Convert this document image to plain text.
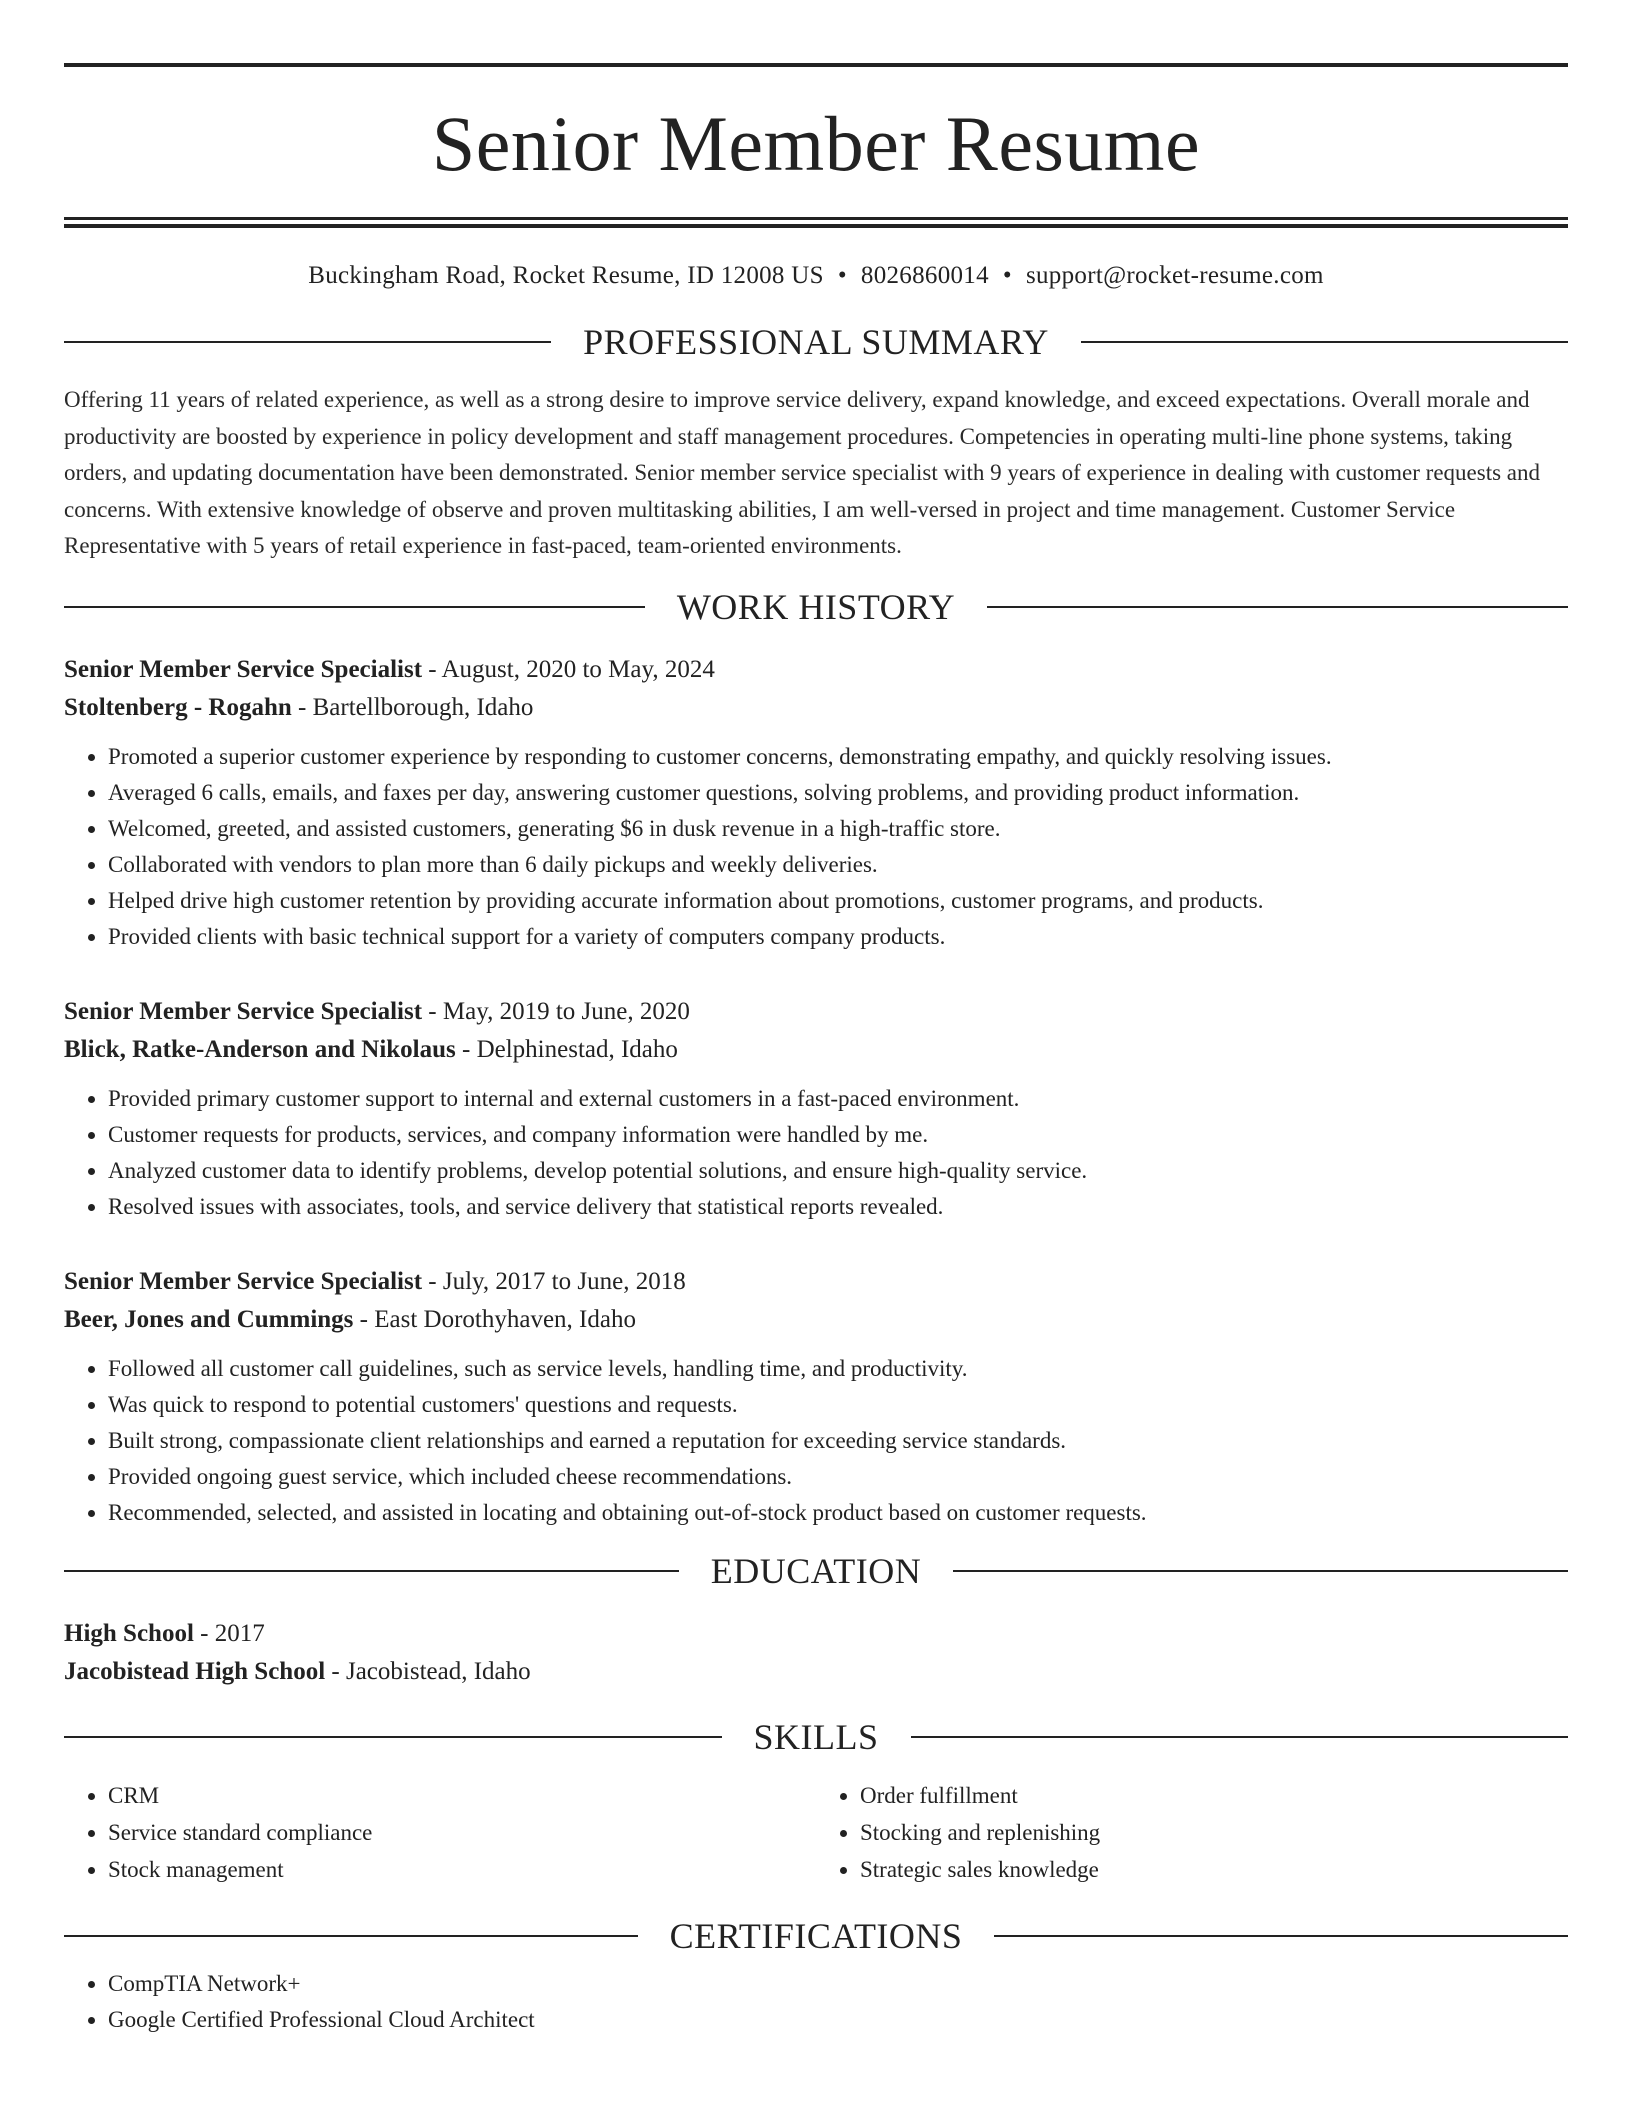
Senior Member Resume
Buckingham Road, Rocket Resume, ID 12008 US • 8026860014 • support@rocket-resume.com
PROFESSIONAL SUMMARY
Offering 11 years of related experience, as well as a strong desire to improve service delivery, expand knowledge, and exceed expectations. Overall morale and productivity are boosted by experience in policy development and staff management procedures. Competencies in operating multi-line phone systems, taking orders, and updating documentation have been demonstrated. Senior member service specialist with 9 years of experience in dealing with customer requests and concerns. With extensive knowledge of observe and proven multitasking abilities, I am well-versed in project and time management. Customer Service Representative with 5 years of retail experience in fast-paced, team-oriented environments.
WORK HISTORY
Senior Member Service Specialist - August, 2020 to May, 2024
Stoltenberg - Rogahn - Bartellborough, Idaho
• Promoted a superior customer experience by responding to customer concerns, demonstrating empathy, and quickly resolving issues.
• Averaged 6 calls, emails, and faxes per day, answering customer questions, solving problems, and providing product information.
• Welcomed, greeted, and assisted customers, generating $6 in dusk revenue in a high-traffic store.
• Collaborated with vendors to plan more than 6 daily pickups and weekly deliveries.
• Helped drive high customer retention by providing accurate information about promotions, customer programs, and products.
• Provided clients with basic technical support for a variety of computers company products.
Senior Member Service Specialist - May, 2019 to June, 2020
Blick, Ratke-Anderson and Nikolaus - Delphinestad, Idaho
• Provided primary customer support to internal and external customers in a fast-paced environment.
• Customer requests for products, services, and company information were handled by me.
• Analyzed customer data to identify problems, develop potential solutions, and ensure high-quality service.
• Resolved issues with associates, tools, and service delivery that statistical reports revealed.
Senior Member Service Specialist - July, 2017 to June, 2018
Beer, Jones and Cummings - East Dorothyhaven, Idaho
• Followed all customer call guidelines, such as service levels, handling time, and productivity.
• Was quick to respond to potential customers' questions and requests.
• Built strong, compassionate client relationships and earned a reputation for exceeding service standards.
• Provided ongoing guest service, which included cheese recommendations.
• Recommended, selected, and assisted in locating and obtaining out-of-stock product based on customer requests.
EDUCATION
High School - 2017
Jacobistead High School - Jacobistead, Idaho
SKILLS
• CRM
• Service standard compliance
• Stock management
• Order fulfillment
• Stocking and replenishing
• Strategic sales knowledge
CERTIFICATIONS
• CompTIA Network+
• Google Certified Professional Cloud Architect
